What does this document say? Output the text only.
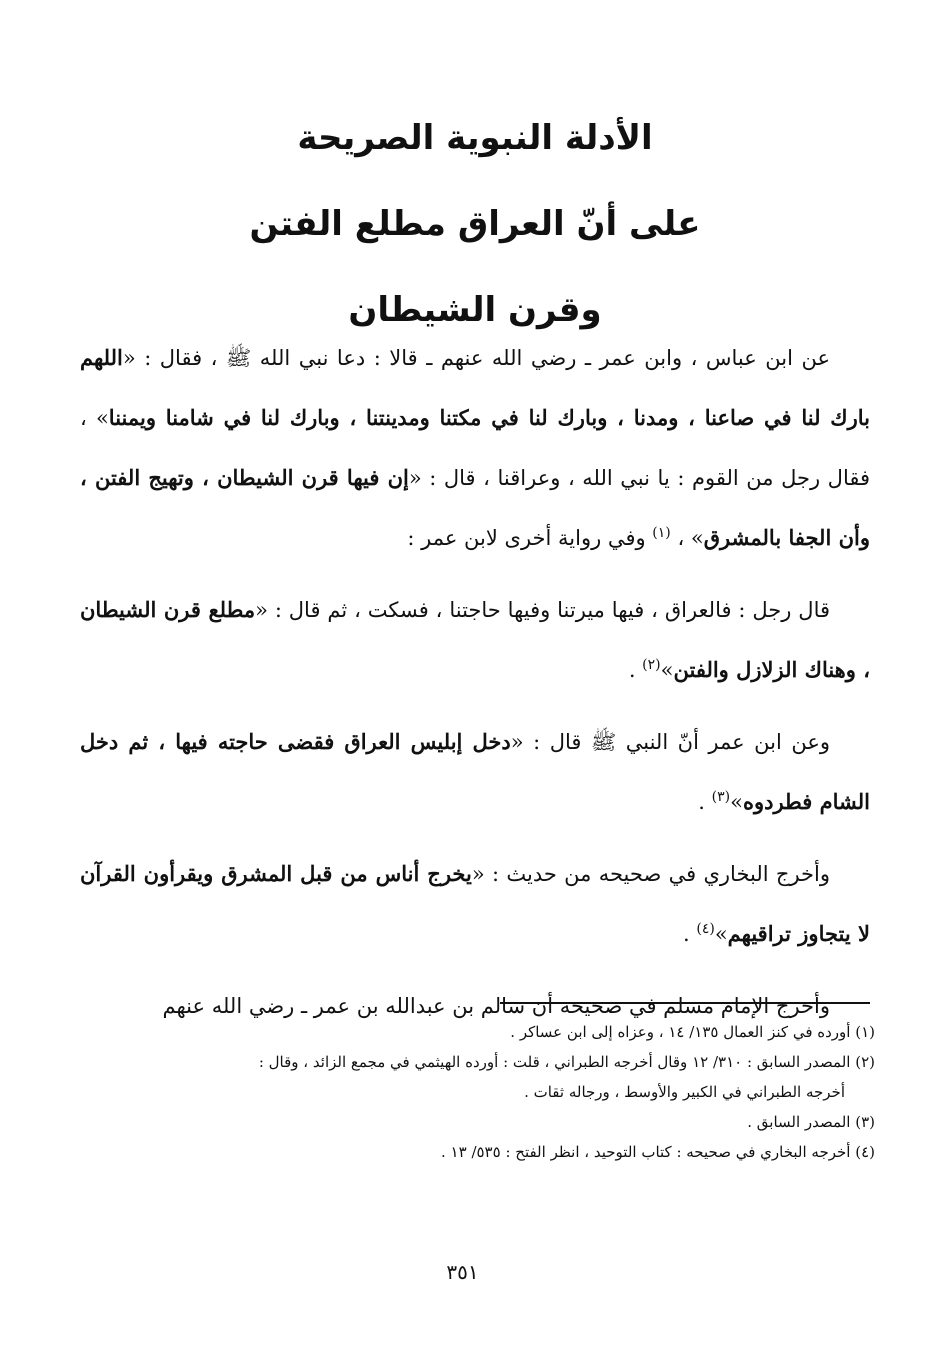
الأدلة النبوية الصريحة

على أنّ العراق مطلع الفتن

وقرن الشيطان

عن ابن عباس ، وابن عمر ـ رضي الله عنهم ـ قالا : دعا نبي الله ﷺ ، فقال : «اللهم بارك لنا في صاعنا ، ومدنا ، وبارك لنا في مكتنا ومدينتنا ، وبارك لنا في شامنا ويمننا» ، فقال رجل من القوم : يا نبي الله ، وعراقنا ، قال : «إن فيها قرن الشيطان ، وتهيج الفتن ، وأن الجفا بالمشرق» ، $^{(١)}$ وفي رواية أخرى لابن عمر :

قال رجل : فالعراق ، فيها ميرتنا وفيها حاجتنا ، فسكت ، ثم قال : «مطلع قرن الشيطان ، وهناك الزلازل والفتن»$^{(٢)}$ .

وعن ابن عمر أنّ النبي ﷺ قال : «دخل إبليس العراق فقضى حاجته فيها ، ثم دخل الشام فطردوه»$^{(٣)}$ .

وأخرج البخاري في صحيحه من حديث : «يخرج أناس من قبل المشرق ويقرأون القرآن لا يتجاوز تراقيهم»$^{(٤)}$ .

وأخرج الإمام مسلم في صحيحه أن سالم بن عبدالله بن عمر ـ رضي الله عنهم

(١) أورده في كنز العمال ١٣٥/ ١٤ ، وعزاه إلى ابن عساكر .

(٢) المصدر السابق : ٣١٠/ ١٢ وقال أخرجه الطبراني ، قلت : أورده الهيثمي في مجمع الزائد ، وقال :

أخرجه الطبراني في الكبير والأوسط ، ورجاله ثقات .

(٣) المصدر السابق .

(٤) أخرجه البخاري في صحيحه : كتاب التوحيد ، انظر الفتح : ٥٣٥/ ١٣ .

٣٥١
